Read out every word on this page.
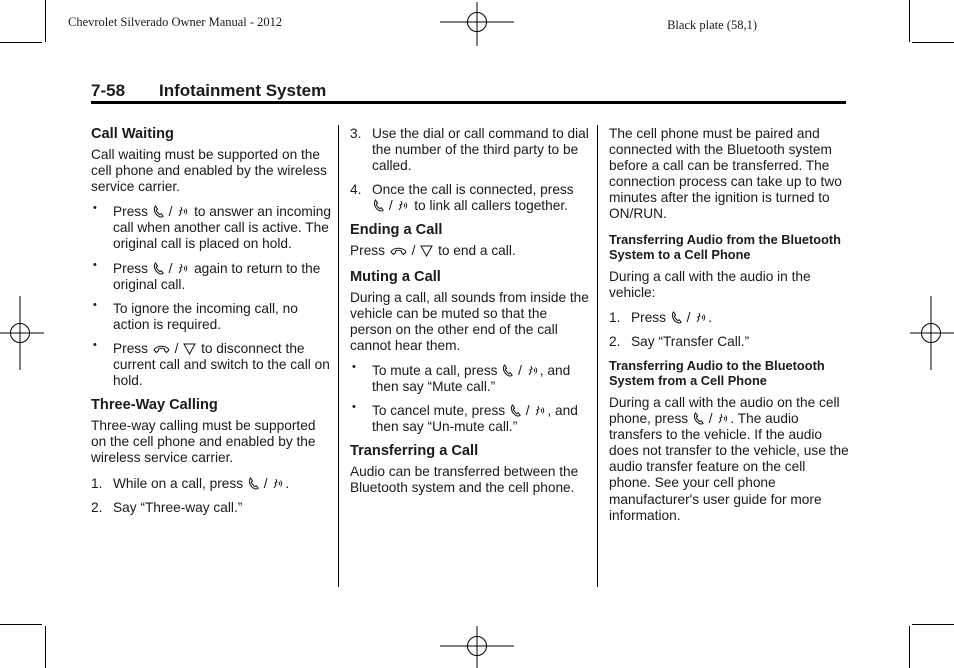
Chevrolet Silverado Owner Manual - 2012	Black plate (58,1)
7-58 Infotainment System
Call Waiting

Call waiting must be supported on the cell phone and enabled by the wireless service carrier.

• Press / to answer an incoming call when another call is active. The original call is placed on hold.
• Press / again to return to the original call.
• To ignore the incoming call, no action is required.
• Press / to disconnect the current call and switch to the call on hold.
Three-Way Calling

Three-way calling must be supported on the cell phone and enabled by the wireless service carrier.

1. While on a call, press / .
2. Say “Three-way call.”
3. Use the dial or call command to dial the number of the third party to be called.
4. Once the call is connected, press  / to link all callers together.
Ending a Call

Press / to end a call.

Muting a Call

During a call, all sounds from inside the vehicle can be muted so that the person on the other end of the call cannot hear them.

• To mute a call, press / , and then say “Mute call.”
• To cancel mute, press / , and then say “Un-mute call.”
Transferring a Call

Audio can be transferred between the Bluetooth system and the cell phone.

The cell phone must be paired and connected with the Bluetooth system before a call can be transferred. The connection process can take up to two minutes after the ignition is turned to ON/RUN.

Transferring Audio from the Bluetooth System to a Cell Phone

During a call with the audio in the vehicle:

1. Press / .
2. Say “Transfer Call.”
Transferring Audio to the Bluetooth System from a Cell Phone

During a call with the audio on the cell phone, press / . The audio transfers to the vehicle. If the audio does not transfer to the vehicle, use the audio transfer feature on the cell phone. See your cell phone manufacturer's user guide for more information.
